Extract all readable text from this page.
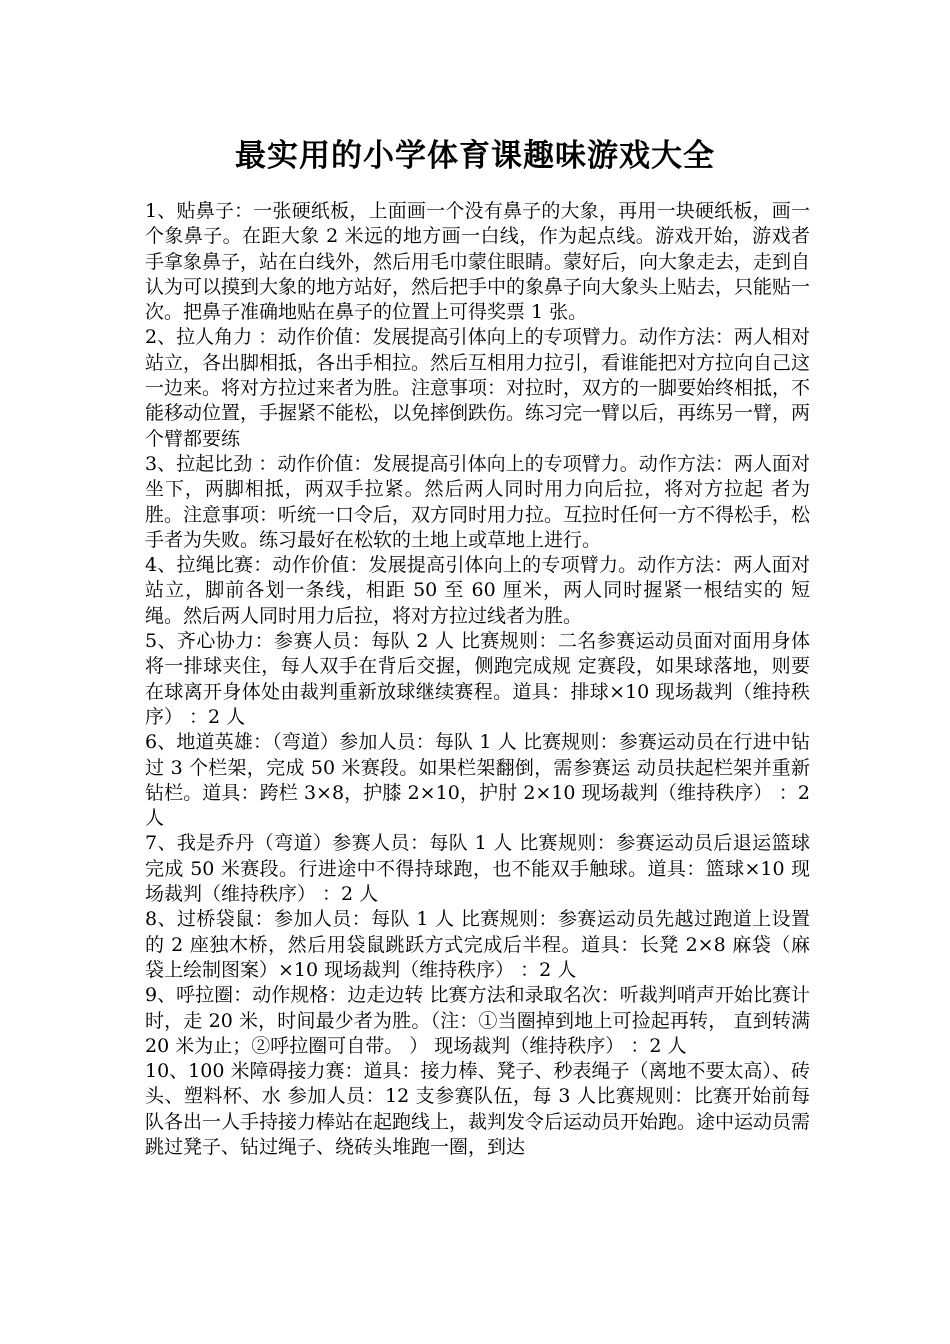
最实用的小学体育课趣味游戏大全

1、贴鼻子：一张硬纸板，上面画一个没有鼻子的大象，再用一块硬纸板，画一个象鼻子。在距大象 2 米远的地方画一白线，作为起点线。游戏开始，游戏者手拿象鼻子，站在白线外，然后用毛巾蒙住眼睛。蒙好后，向大象走去，走到自认为可以摸到大象的地方站好，然后把手中的象鼻子向大象头上贴去，只能贴一次。把鼻子准确地贴在鼻子的位置上可得奖票 1 张。

2、拉人角力 ：动作价值：发展提高引体向上的专项臂力。动作方法：两人相对站立，各出脚相抵，各出手相拉。然后互相用力拉引，看谁能把对方拉向自己这一边来。将对方拉过来者为胜。注意事项：对拉时，双方的一脚要始终相抵，不能移动位置，手握紧不能松，以免摔倒跌伤。练习完一臂以后，再练另一臂，两个臂都要练

3、拉起比劲 ：动作价值：发展提高引体向上的专项臂力。动作方法：两人面对坐下，两脚相抵，两双手拉紧。然后两人同时用力向后拉，将对方拉起 者为胜。注意事项：听统一口令后，双方同时用力拉。互拉时任何一方不得松手，松手者为失败。练习最好在松软的土地上或草地上进行。

4、拉绳比赛：动作价值：发展提高引体向上的专项臂力。动作方法：两人面对站立，脚前各划一条线，相距 50 至 60 厘米，两人同时握紧一根结实的 短绳。然后两人同时用力后拉，将对方拉过线者为胜。

5、齐心协力：参赛人员：每队 2 人 比赛规则：二名参赛运动员面对面用身体将一排球夹住，每人双手在背后交握，侧跑完成规 定赛段，如果球落地，则要在球离开身体处由裁判重新放球继续赛程。道具：排球×10 现场裁判（维持秩序） ：2 人

6、地道英雄：（弯道）参加人员：每队 1 人 比赛规则：参赛运动员在行进中钻过 3 个栏架，完成 50 米赛段。如果栏架翻倒，需参赛运 动员扶起栏架并重新钻栏。道具：跨栏 3×8，护膝 2×10，护肘 2×10 现场裁判（维持秩序） ：2 人

7、我是乔丹（弯道）参赛人员：每队 1 人 比赛规则：参赛运动员后退运篮球完成 50 米赛段。行进途中不得持球跑，也不能双手触球。道具：篮球×10 现场裁判（维持秩序） ：2 人

8、过桥袋鼠：参加人员：每队 1 人 比赛规则：参赛运动员先越过跑道上设置的 2 座独木桥，然后用袋鼠跳跃方式完成后半程。道具：长凳 2×8 麻袋（麻袋上绘制图案）×10 现场裁判（维持秩序） ：2 人

9、呼拉圈：动作规格：边走边转 比赛方法和录取名次：听裁判哨声开始比赛计时，走 20 米，时间最少者为胜。（注：①当圈掉到地上可捡起再转， 直到转满 20 米为止；②呼拉圈可自带。 ） 现场裁判（维持秩序） ：2 人

10、100 米障碍接力赛：道具：接力棒、凳子、秒表绳子（离地不要太高）、砖头、塑料杯、水 参加人员：12 支参赛队伍，每 3 人比赛规则：比赛开始前每队各出一人手持接力棒站在起跑线上，裁判发令后运动员开始跑。途中运动员需跳过凳子、钻过绳子、绕砖头堆跑一圈，到达
